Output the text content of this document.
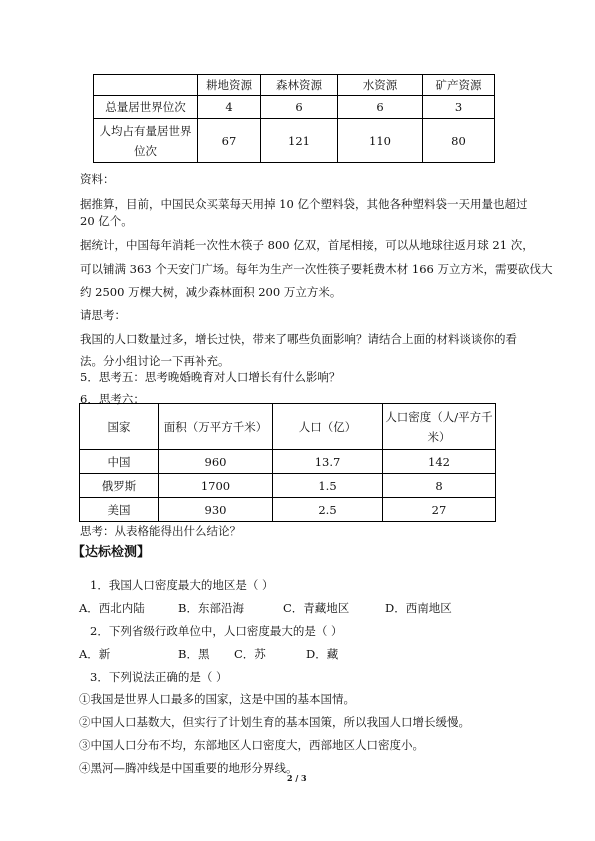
	耕地资源	森林资源	水资源	矿产资源
总量居世界位次	4	6	6	3
人均占有量居世界位次	67	121	110	80
资料：
据推算，目前，中国民众买菜每天用掉 10 亿个塑料袋，其他各种塑料袋一天用量也超过
20 亿个。
据统计，中国每年消耗一次性木筷子 800 亿双，首尾相接，可以从地球往返月球 21 次，
可以铺满 363 个天安门广场。每年为生产一次性筷子要耗费木材 166 万立方米，需要砍伐大
约 2500 万棵大树，减少森林面积 200 万立方米。
请思考：
我国的人口数量过多，增长过快，带来了哪些负面影响？请结合上面的材料谈谈你的看
法。分小组讨论一下再补充。
5．思考五：思考晚婚晚育对人口增长有什么影响？
6．思考六：
国家	面积（万平方千米）	人口（亿）	人口密度（人/平方千米）
中国	960	13.7	142
俄罗斯	1700	1.5	8
美国	930	2.5	27
思考：从表格能得出什么结论？
【达标检测】
1．我国人口密度最大的地区是（ ）
A．西北内陆	B．东部沿海	C．青藏地区	D．西南地区
2．下列省级行政单位中，人口密度最大的是（ ）
A．新	B．黑 C．苏	D．藏
3．下列说法正确的是（ ）
①我国是世界人口最多的国家，这是中国的基本国情。
②中国人口基数大，但实行了计划生育的基本国策，所以我国人口增长缓慢。
③中国人口分布不均，东部地区人口密度大，西部地区人口密度小。
④黑河—腾冲线是中国重要的地形分界线。
2 / 3
